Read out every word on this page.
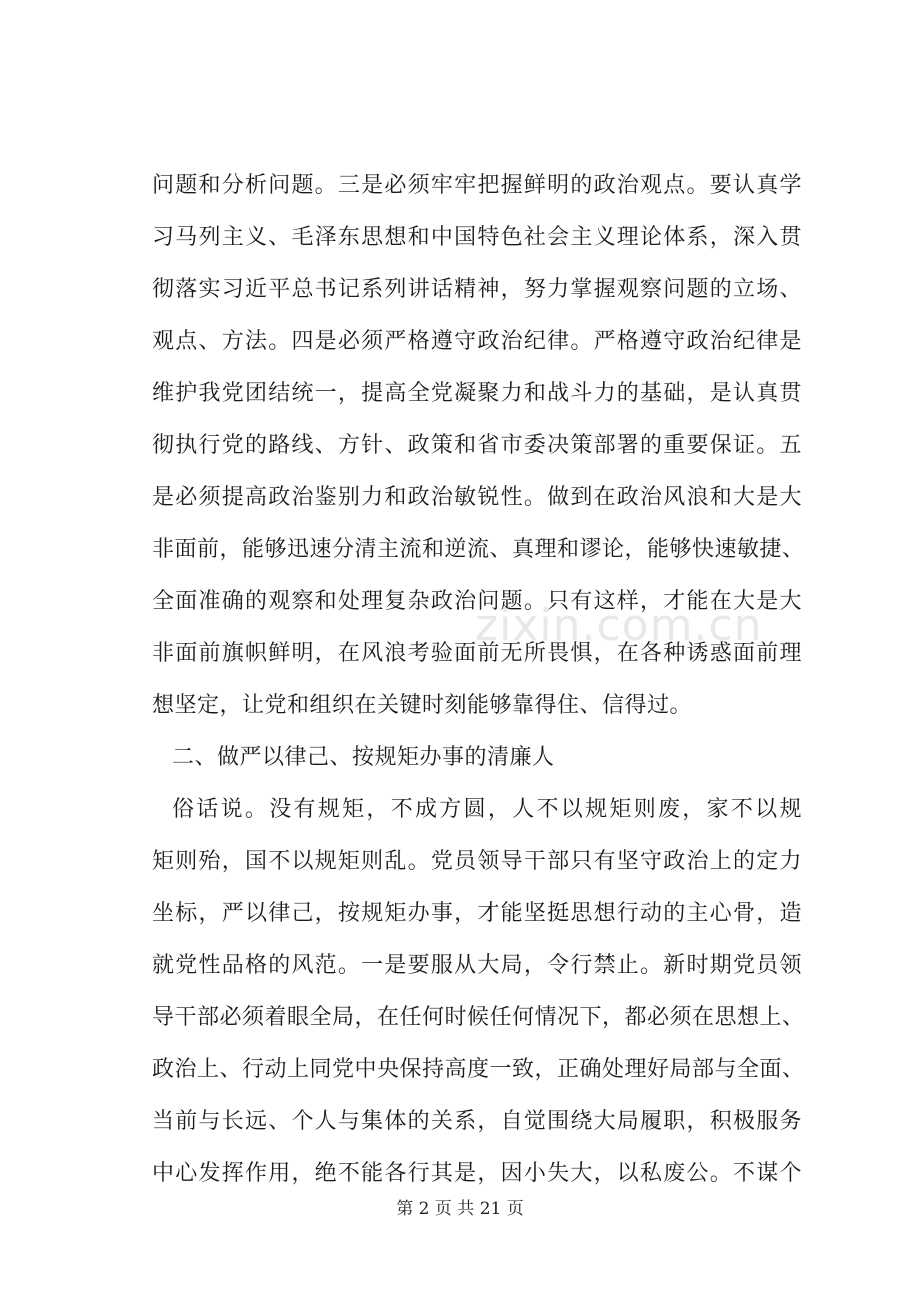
zixin.com.cn
问题和分析问题。三是必须牢牢把握鲜明的政治观点。要认真学
习马列主义、毛泽东思想和中国特色社会主义理论体系，深入贯
彻落实习近平总书记系列讲话精神，努力掌握观察问题的立场、
观点、方法。四是必须严格遵守政治纪律。严格遵守政治纪律是
维护我党团结统一，提高全党凝聚力和战斗力的基础，是认真贯
彻执行党的路线、方针、政策和省市委决策部署的重要保证。五
是必须提高政治鉴别力和政治敏锐性。做到在政治风浪和大是大
非面前，能够迅速分清主流和逆流、真理和谬论，能够快速敏捷、
全面准确的观察和处理复杂政治问题。只有这样，才能在大是大
非面前旗帜鲜明，在风浪考验面前无所畏惧，在各种诱惑面前理
想坚定，让党和组织在关键时刻能够靠得住、信得过。
二、做严以律己、按规矩办事的清廉人
俗话说。没有规矩，不成方圆，人不以规矩则废，家不以规
矩则殆，国不以规矩则乱。党员领导干部只有坚守政治上的定力
坐标，严以律己，按规矩办事，才能坚挺思想行动的主心骨，造
就党性品格的风范。一是要服从大局，令行禁止。新时期党员领
导干部必须着眼全局，在任何时候任何情况下，都必须在思想上、
政治上、行动上同党中央保持高度一致，正确处理好局部与全面、
当前与长远、个人与集体的关系，自觉围绕大局履职，积极服务
中心发挥作用，绝不能各行其是，因小失大，以私废公。不谋个
第 2 页 共 21 页
